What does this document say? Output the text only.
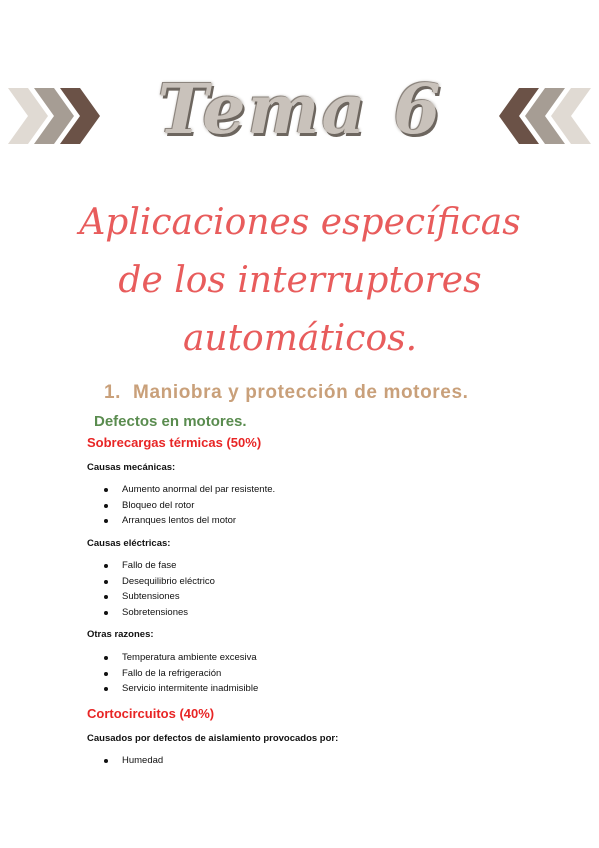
Tema 6
Aplicaciones específicas
de los interruptores
automáticos.
1. Maniobra y protección de motores.
Defectos en motores.
Sobrecargas térmicas (50%)
Causas mecánicas:
Aumento anormal del par resistente.
Bloqueo del rotor
Arranques lentos del motor
Causas eléctricas:
Fallo de fase
Desequilibrio eléctrico
Subtensiones
Sobretensiones
Otras razones:
Temperatura ambiente excesiva
Fallo de la refrigeración
Servicio intermitente inadmisible
Cortocircuitos (40%)
Causados por defectos de aislamiento provocados por:
Humedad
